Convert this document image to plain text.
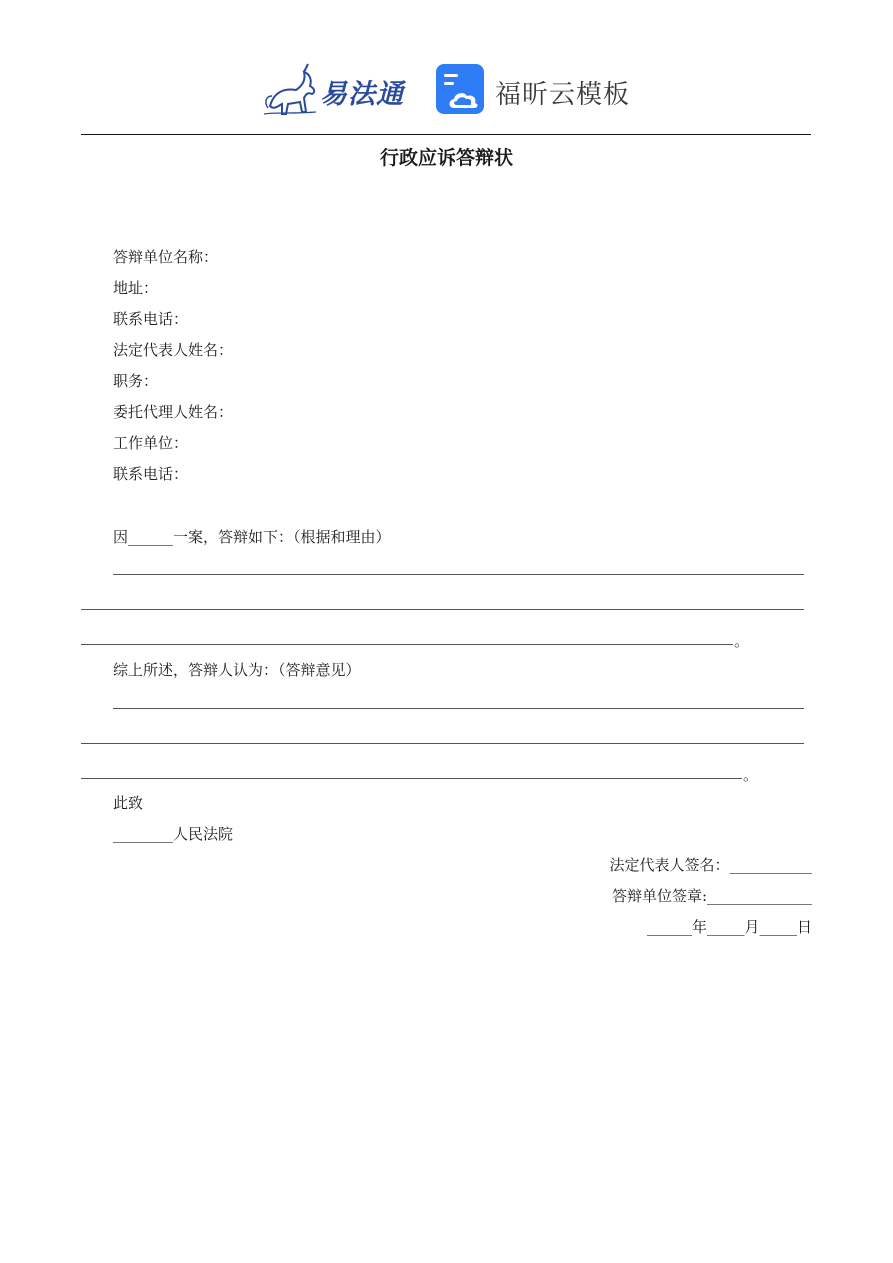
易法通	福昕云模板
行政应诉答辩状
答辩单位名称：
地址：
联系电话：
法定代表人姓名：
职务：
委托代理人姓名：
工作单位：
联系电话：
因______一案，答辩如下：（根据和理由）
。
综上所述，答辩人认为：（答辩意见）
。
此致
________人民法院
法定代表人签名：___________
答辩单位签章:______________
______年_____月_____日
